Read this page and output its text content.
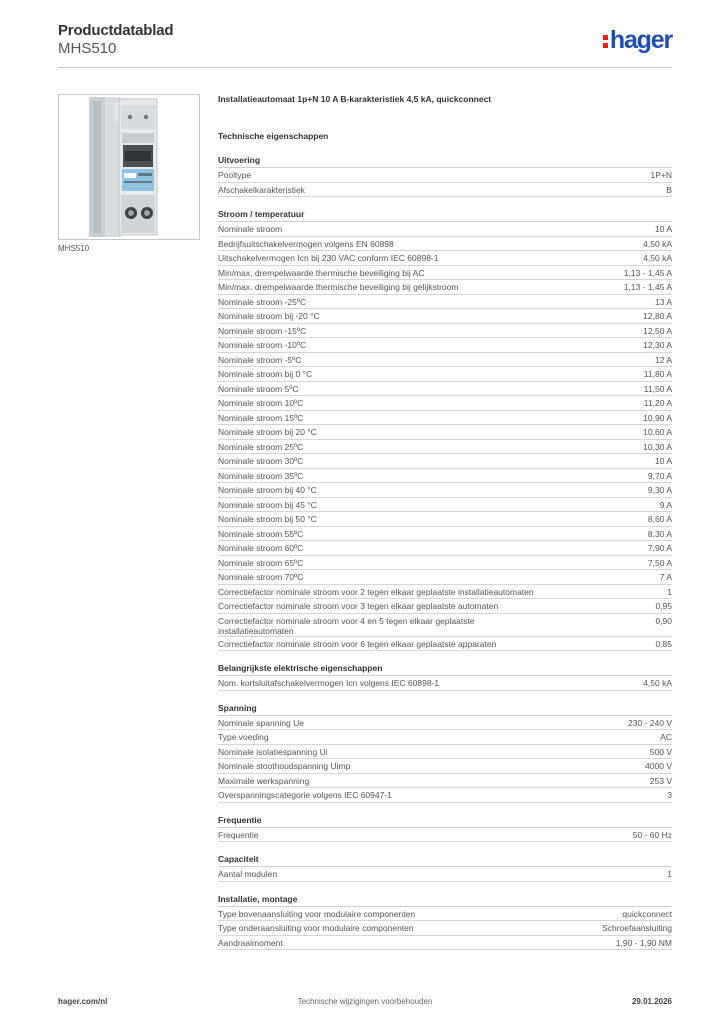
Productdatablad
MHS510	hager
MHS510
Installatieautomaat 1p+N 10 A B-karakteristiek 4,5 kA, quickconnect
Technische eigenschappen
Uitvoering
Pooltype	1P+N
Afschakelkarakteristiek	B
Stroom / temperatuur
Nominale stroom	10 A
Bedrijfsuitschakelvermogen volgens EN 60898	4,50 kA
Uitschakelvermogen Icn bij 230 VAC conform IEC 60898-1	4,50 kA
Min/max. drempelwaarde thermische beveiliging bij AC	1,13 - 1,45 A
Min/max. drempelwaarde thermische beveiliging bij gelijkstroom	1,13 - 1,45 A
Nominale stroom -25ºC	13 A
Nominale stroom bij -20 °C	12,80 A
Nominale stroom -15ºC	12,50 A
Nominale stroom -10ºC	12,30 A
Nominale stroom -5ºC	12 A
Nominale stroom bij 0 °C	11,80 A
Nominale stroom 5ºC	11,50 A
Nominale stroom 10ºC	11,20 A
Nominale stroom 15ºC	10,90 A
Nominale stroom bij 20 °C	10,60 A
Nominale stroom 25ºC	10,30 A
Nominale stroom 30ºC	10 A
Nominale stroom 35ºC	9,70 A
Nominale stroom bij 40 °C	9,30 A
Nominale stroom bij 45 °C	9 A
Nominale stroom bij 50 °C	8,60 A
Nominale stroom 55ºC	8,30 A
Nominale stroom 60ºC	7,90 A
Nominale stroom 65ºC	7,50 A
Nominale stroom 70ºC	7 A
Correctiefactor nominale stroom voor 2 tegen elkaar geplaatste installatieautomaten	1
Correctiefactor nominale stroom voor 3 tegen elkaar geplaatste automaten	0,95
Correctiefactor nominale stroom voor 4 en 5 tegen elkaar geplaatste installatieautomaten
0,90
Correctiefactor nominale stroom voor 6 tegen elkaar geplaatste apparaten	0,85
Belangrijkste elektrische eigenschappen
Nom. kortsluitafschakelvermogen Icn volgens IEC 60898-1	4,50 kA
Spanning
Nominale spanning Ue	230 - 240 V
Type voeding	AC
Nominale isolatiespanning Ui	500 V
Nominale stoothoudspanning Uimp	4000 V
Maximale werkspanning	253 V
Overspanningscategorie volgens IEC 60947-1	3
Frequentie
Frequentie	50 - 60 Hz
Capaciteit
Aantal modulen	1
Installatie, montage
Type bovenaansluiting voor modulaire componenten	quickconnect
Type onderaansluiting voor modulaire componenten	Schroefaansluiting
Aandraaimoment	1,90 - 1,90 NM
hager.com/nl	Technische wijzigingen voorbehouden	29.01.2026
